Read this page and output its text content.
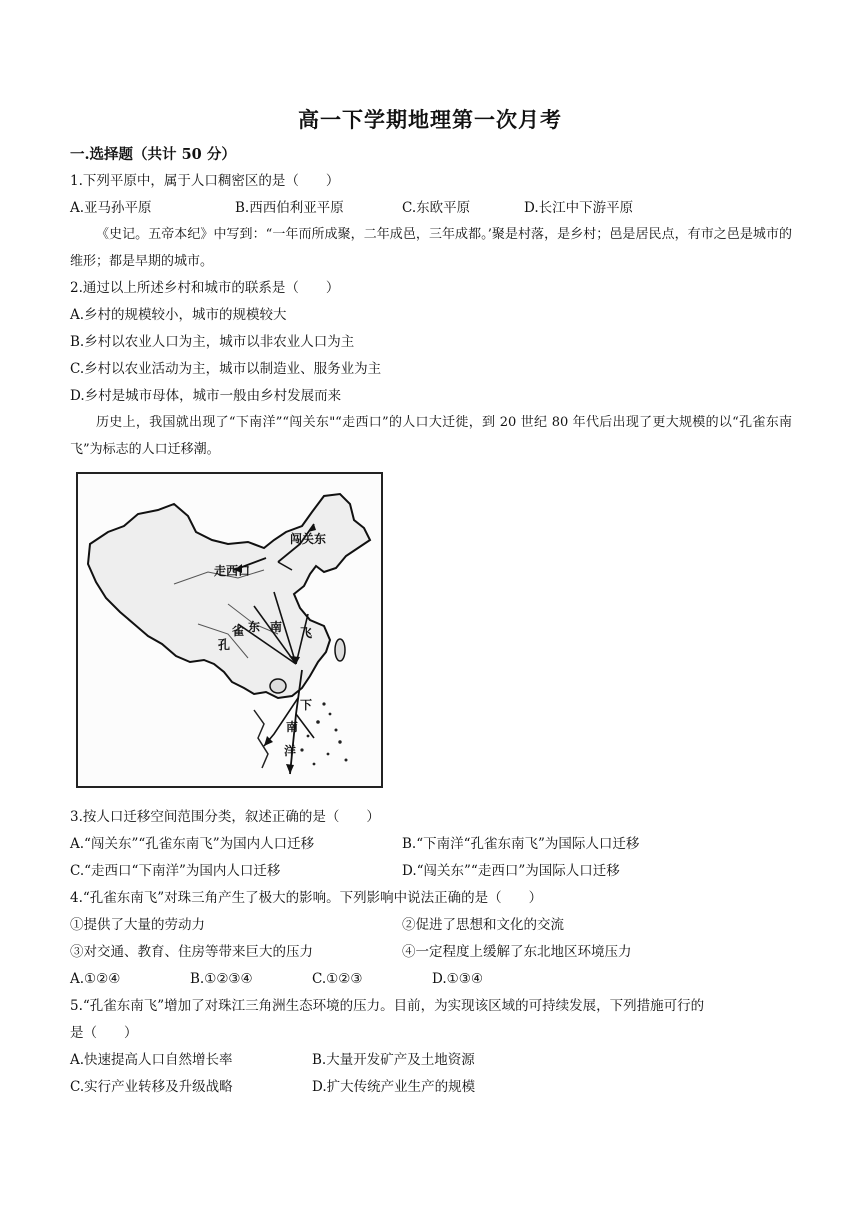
高一下学期地理第一次月考
一.选择题（共计 50 分）
1.下列平原中，属于人口稠密区的是（　　）
A.亚马孙平原	B.西西伯利亚平原	C.东欧平原	D.长江中下游平原
《史记。五帝本纪》中写到：“一年而所成聚，二年成邑，三年成都。’聚是村落，是乡村；邑是居民点，有市之邑是城市的维形；都是早期的城市。
2.通过以上所述乡村和城市的联系是（　　）
A.乡村的规模较小，城市的规模较大
B.乡村以农业人口为主，城市以非农业人口为主
C.乡村以农业活动为主，城市以制造业、服务业为主
D.乡村是城市母体，城市一般由乡村发展而来
历史上，我国就出现了“下南洋”“闯关东"“走西口”的人口大迁徙，到 20 世纪 80 年代后出现了更大规模的以“孔雀东南飞”为标志的人口迁移潮。
闯关东
走西口
孔
雀 东 南 飞
下
南
洋
3.按人口迁移空间范围分类，叙述正确的是（　　）
A.“闯关东”“孔雀东南飞”为国内人口迁移	B.“下南洋“孔雀东南飞”为国际人口迁移
C.“走西口“下南洋”为国内人口迁移	D.“闯关东”“走西口”为国际人口迁移
4.“孔雀东南飞”对珠三角产生了极大的影响。下列影响中说法正确的是（　　）
①提供了大量的劳动力	②促进了思想和文化的交流
③对交通、教育、住房等带来巨大的压力	④一定程度上缓解了东北地区环境压力
A.①②④	B.①②③④	C.①②③	D.①③④
5.“孔雀东南飞”增加了对珠江三角洲生态环境的压力。目前，为实现该区域的可持续发展，下列措施可行的
是（　　）
A.快速提高人口自然增长率	B.大量开发矿产及土地资源
C.实行产业转移及升级战略	D.扩大传统产业生产的规模
